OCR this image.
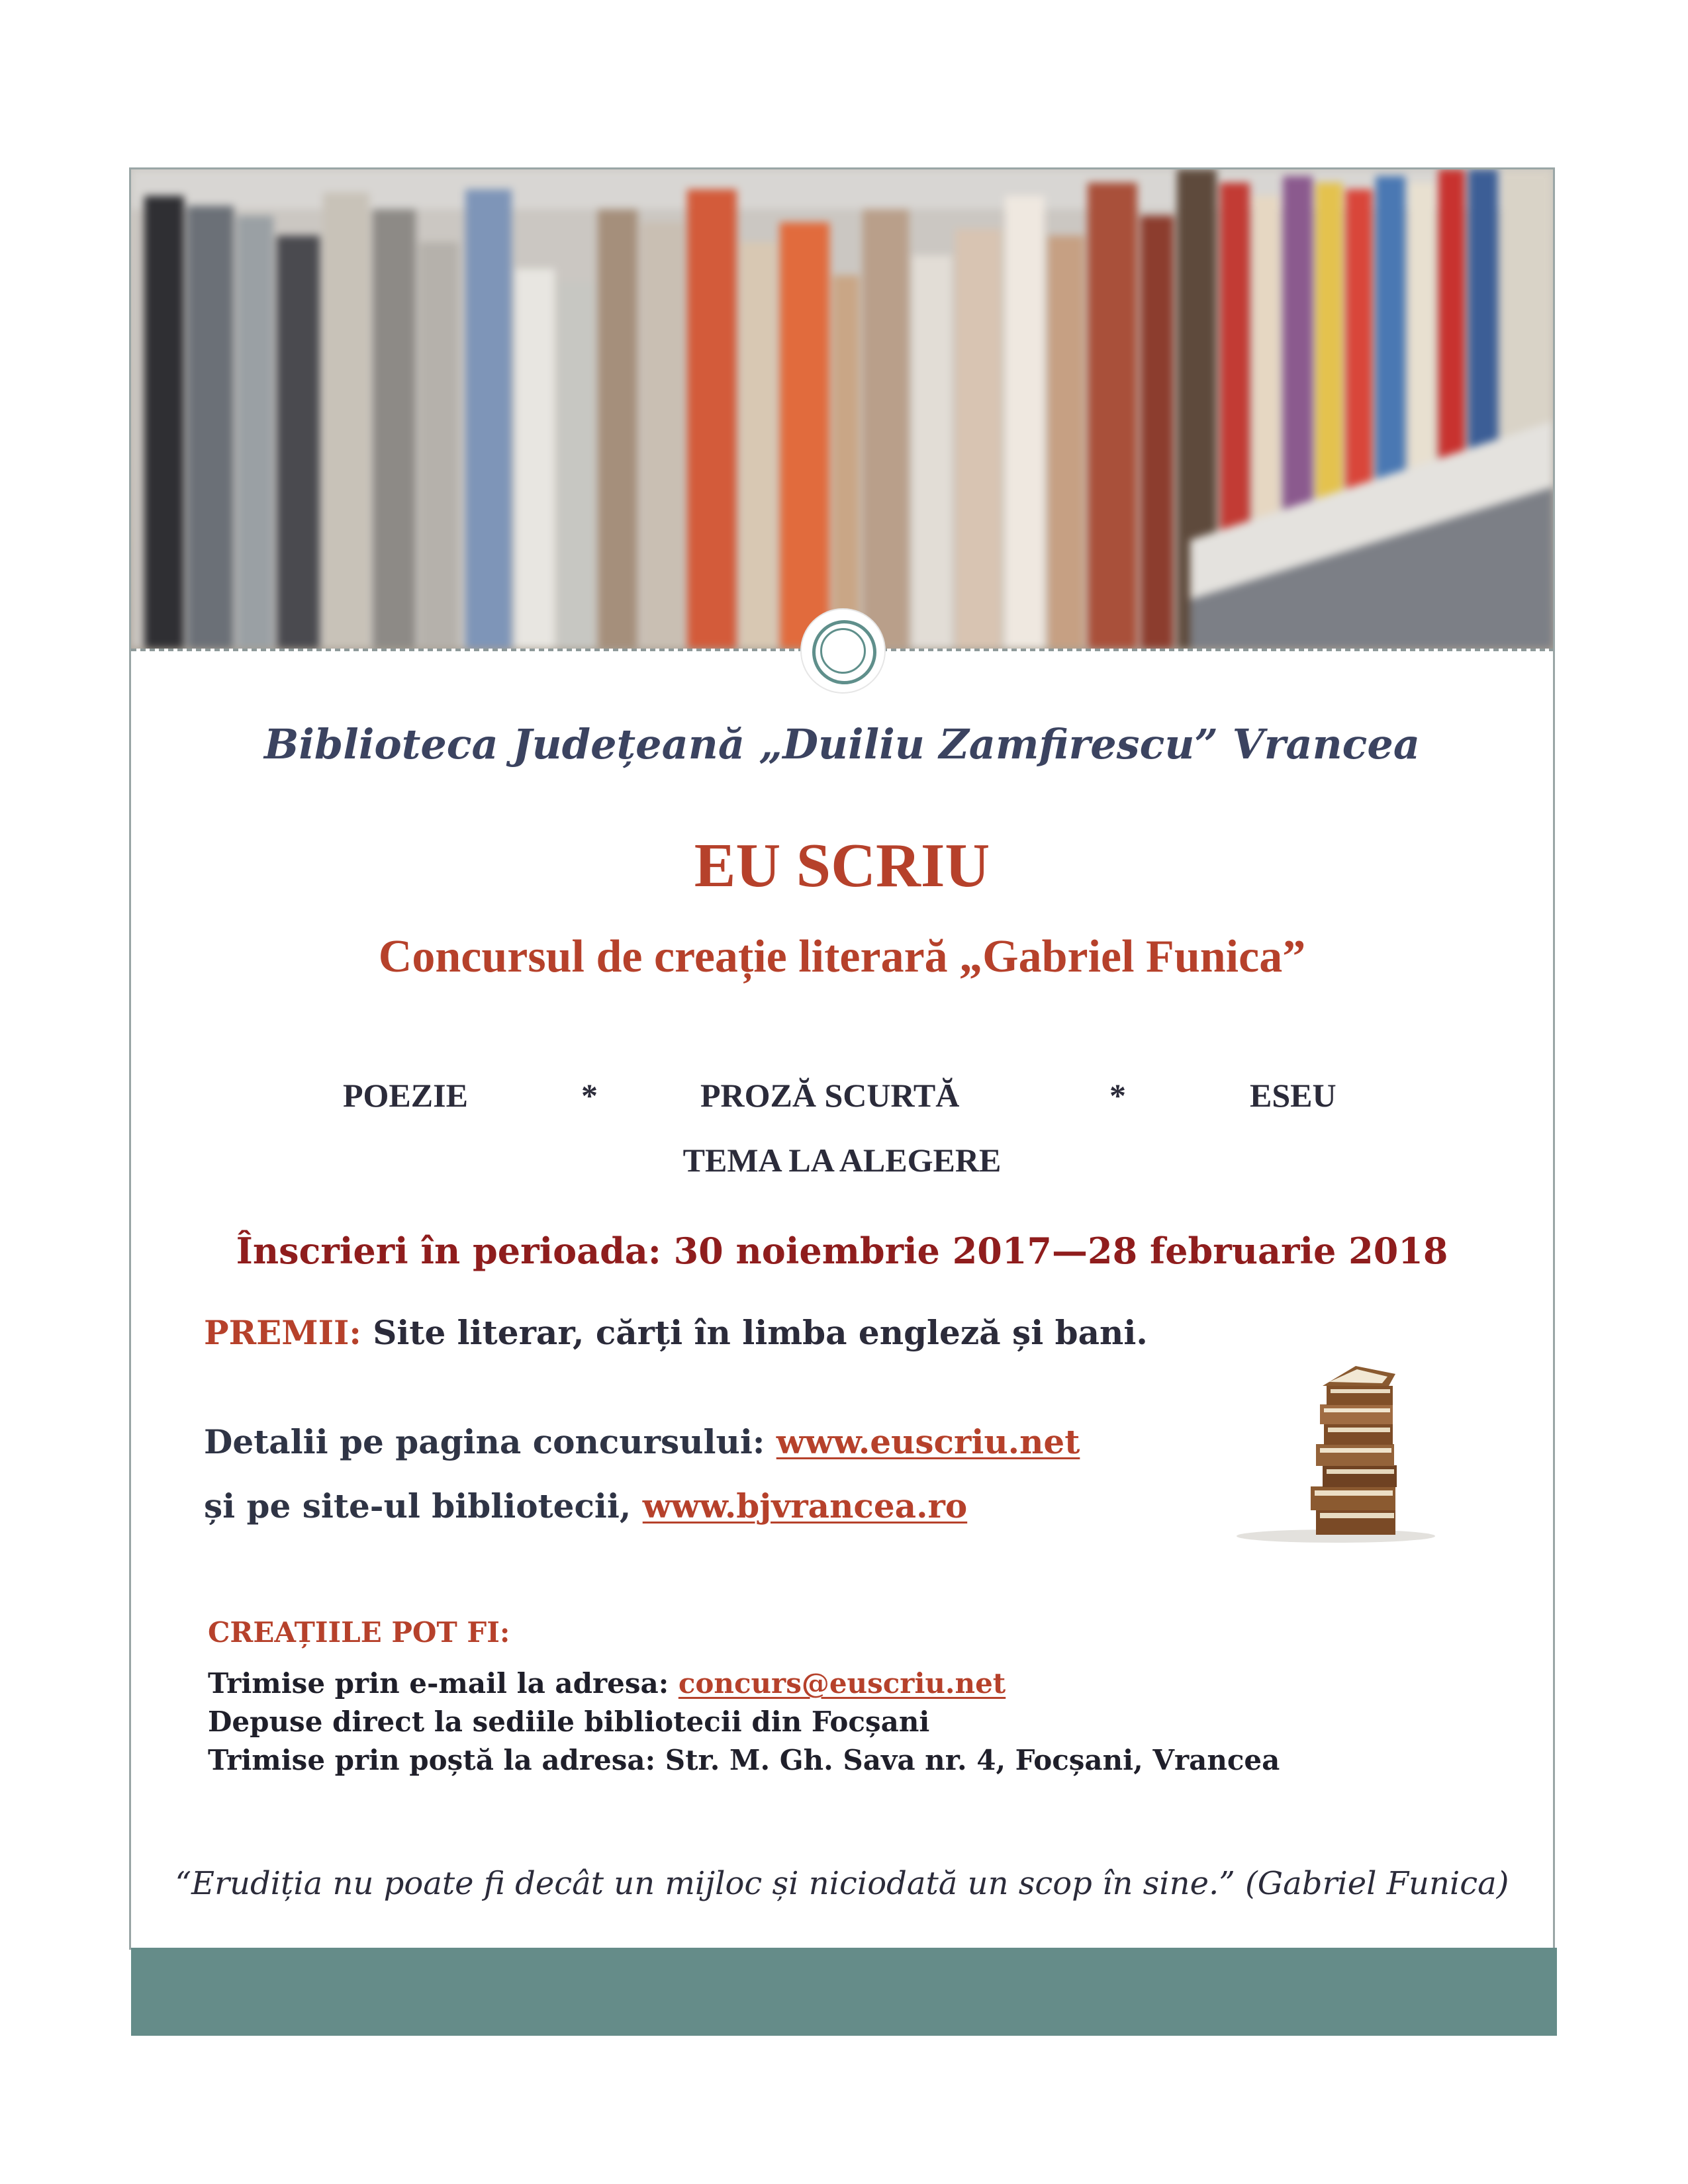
Biblioteca Județeană „Duiliu Zamfirescu” Vrancea

EU SCRIU

Concursul de creație literară „Gabriel Funica”

POEZIE	*	PROZĂ SCURTĂ	*	ESEU

TEMA LA ALEGERE

Înscrieri în perioada: 30 noiembrie 2017—28 februarie 2018

PREMII: Site literar, cărți în limba engleză și bani.

Detalii pe pagina concursului: www.euscriu.net

și pe site-ul bibliotecii, www.bjvrancea.ro

CREAȚIILE POT FI:

Trimise prin e-mail la adresa: concurs@euscriu.net

Depuse direct la sediile bibliotecii din Focșani

Trimise prin poștă la adresa: Str. M. Gh. Sava nr. 4, Focșani, Vrancea

“Erudiția nu poate fi decât un mijloc și niciodată un scop în sine.” (Gabriel Funica)
